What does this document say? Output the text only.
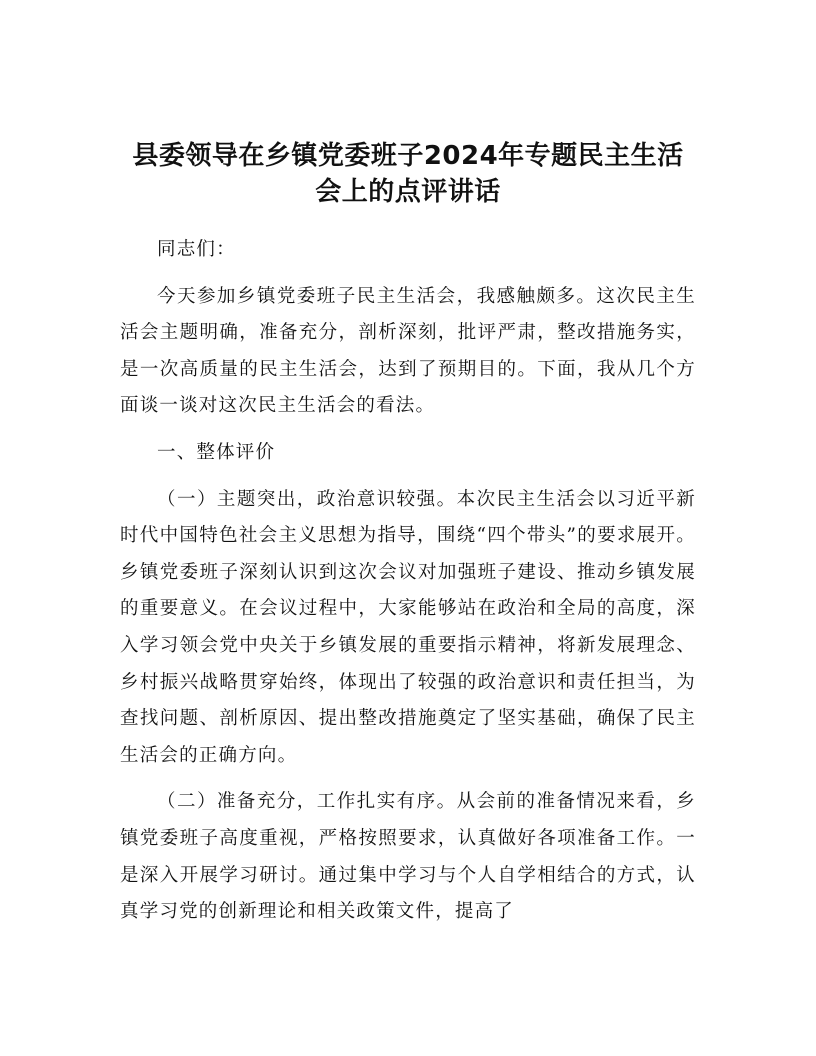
县委领导在乡镇党委班子2024年专题民主生活
会上的点评讲话

同志们：

今天参加乡镇党委班子民主生活会，我感触颇多。这次民主生活会主题明确，准备充分，剖析深刻，批评严肃，整改措施务实，是一次高质量的民主生活会，达到了预期目的。下面，我从几个方面谈一谈对这次民主生活会的看法。

一、整体评价

（一）主题突出，政治意识较强。本次民主生活会以习近平新时代中国特色社会主义思想为指导，围绕“四个带头”的要求展开。乡镇党委班子深刻认识到这次会议对加强班子建设、推动乡镇发展的重要意义。在会议过程中，大家能够站在政治和全局的高度，深入学习领会党中央关于乡镇发展的重要指示精神，将新发展理念、乡村振兴战略贯穿始终，体现出了较强的政治意识和责任担当，为查找问题、剖析原因、提出整改措施奠定了坚实基础，确保了民主生活会的正确方向。

（二）准备充分，工作扎实有序。从会前的准备情况来看，乡镇党委班子高度重视，严格按照要求，认真做好各项准备工作。一是深入开展学习研讨。通过集中学习与个人自学相结合的方式，认真学习党的创新理论和相关政策文件，提高了
